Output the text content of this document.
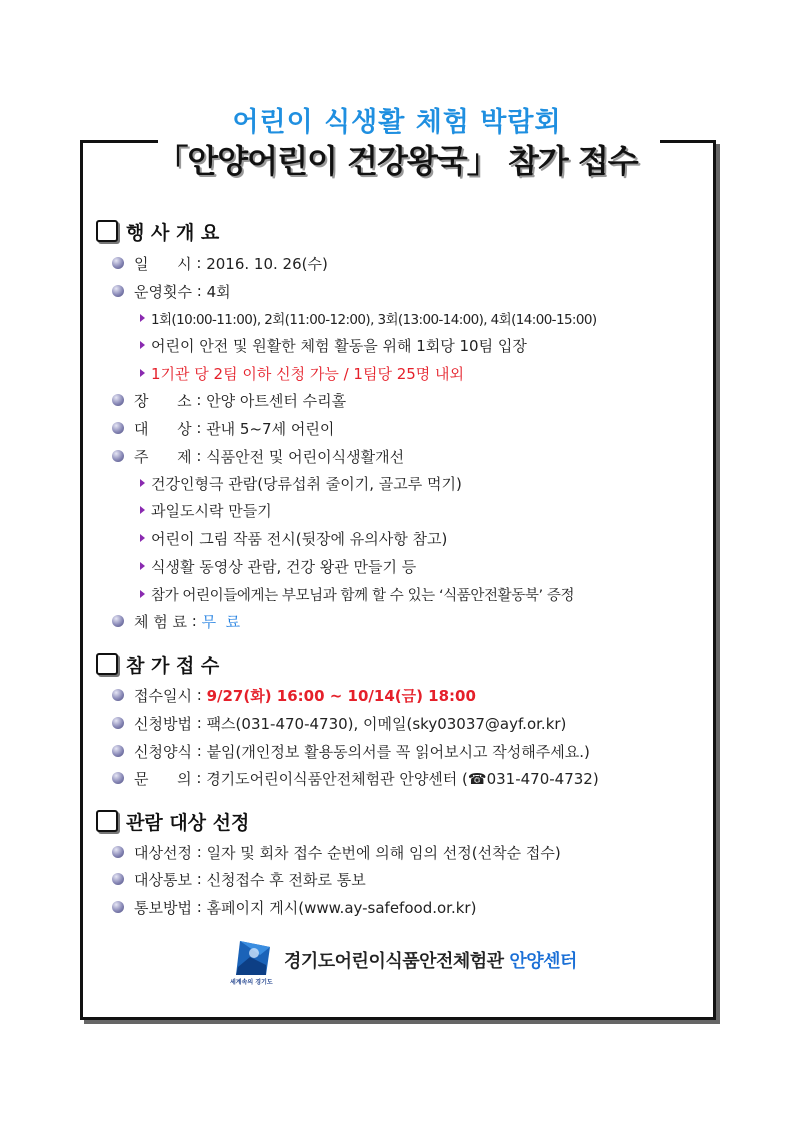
어린이 식생활 체험 박람회
「안양어린이 건강왕국」 참가 접수
행 사 개 요
일      시 : 2016. 10. 26(수)
운영횟수 : 4회
1회(10:00-11:00), 2회(11:00-12:00), 3회(13:00-14:00), 4회(14:00-15:00)
어린이 안전 및 원활한 체험 활동을 위해 1회당 10팀 입장
1기관 당 2팀 이하 신청 가능 / 1팀당 25명 내외
장      소 : 안양 아트센터 수리홀
대      상 : 관내 5~7세 어린이
주      제 : 식품안전 및 어린이식생활개선
건강인형극 관람(당류섭취 줄이기, 골고루 먹기)
과일도시락 만들기
어린이 그림 작품 전시(뒷장에 유의사항 참고)
식생활 동영상 관람, 건강 왕관 만들기 등
참가 어린이들에게는 부모님과 함께 할 수 있는 ‘식품안전활동북’ 증정
체 험 료 : 무  료
참 가 접 수
접수일시 : 9/27(화) 16:00 ~ 10/14(금) 18:00
신청방법 : 팩스(031-470-4730), 이메일(sky03037@ayf.or.kr)
신청양식 : 붙임(개인정보 활용동의서를 꼭 읽어보시고 작성해주세요.)
문      의 : 경기도어린이식품안전체험관 안양센터 (☎031-470-4732)
관람 대상 선정
대상선정 : 일자 및 회차 접수 순번에 의해 임의 선정(선착순 접수)
대상통보 : 신청접수 후 전화로 통보
통보방법 : 홈페이지 게시(www.ay-safefood.or.kr)
세계속의 경기도
경기도어린이식품안전체험관 안양센터
